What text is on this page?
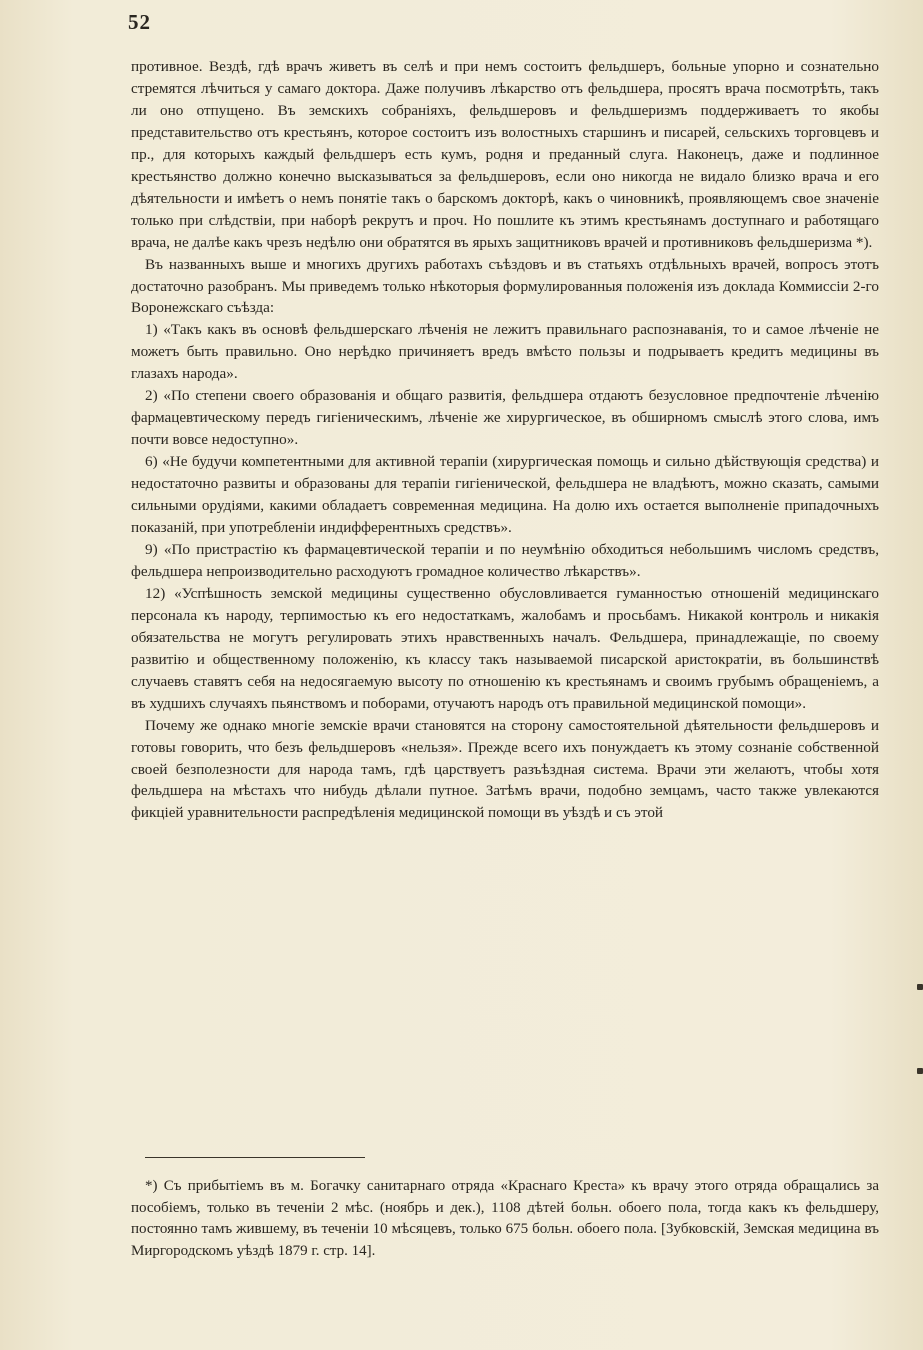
52

противное. Вездѣ, гдѣ врачъ живетъ въ селѣ и при немъ состоитъ фельдшеръ, больные упорно и сознательно стремятся лѣчиться у самаго доктора. Даже получивъ лѣкарство отъ фельдшера, просятъ врача посмотрѣть, такъ ли оно отпущено. Въ земскихъ собраніяхъ, фельдшеровъ и фельдшеризмъ поддерживаетъ то якобы представительство отъ крестьянъ, которое состоитъ изъ волостныхъ старшинъ и писарей, сельскихъ торговцевъ и пр., для которыхъ каждый фельдшеръ есть кумъ, родня и преданный слуга. Наконецъ, даже и подлинное крестьянство должно конечно высказываться за фельдшеровъ, если оно никогда не видало близко врача и его дѣятельности и имѣетъ о немъ понятіе такъ о барскомъ докторѣ, какъ о чиновникѣ, проявляющемъ свое значеніе только при слѣдствіи, при наборѣ рекрутъ и проч. Но пошлите къ этимъ крестьянамъ доступнаго и работящаго врача, не далѣе какъ чрезъ недѣлю они обратятся въ ярыхъ защитниковъ врачей и противниковъ фельдшеризма *).

Въ названныхъ выше и многихъ другихъ работахъ съѣздовъ и въ статьяхъ отдѣльныхъ врачей, вопросъ этотъ достаточно разобранъ. Мы приведемъ только нѣкоторыя формулированныя положенія изъ доклада Коммиссіи 2-го Воронежскаго съѣзда:

1) «Такъ какъ въ основѣ фельдшерскаго лѣченія не лежитъ правильнаго распознаванія, то и самое лѣченіе не можетъ быть правильно. Оно нерѣдко причиняетъ вредъ вмѣсто пользы и подрываетъ кредитъ медицины въ глазахъ народа».

2) «По степени своего образованія и общаго развитія, фельдшера отдаютъ безусловное предпочтеніе лѣченію фармацевтическому передъ гигіеническимъ, лѣченіе же хирургическое, въ обширномъ смыслѣ этого слова, имъ почти вовсе недоступно».

6) «Не будучи компетентными для активной терапіи (хирургическая помощь и сильно дѣйствующія средства) и недостаточно развиты и образованы для терапіи гигіенической, фельдшера не владѣютъ, можно сказать, самыми сильными орудіями, какими обладаетъ современная медицина. На долю ихъ остается выполненіе припадочныхъ показаній, при употребленіи индифферентныхъ средствъ».

9) «По пристрастію къ фармацевтической терапіи и по неумѣнію обходиться небольшимъ числомъ средствъ, фельдшера непроизводительно расходуютъ громадное количество лѣкарствъ».

12) «Успѣшность земской медицины существенно обусловливается гуманностью отношеній медицинскаго персонала къ народу, терпимостью къ его недостаткамъ, жалобамъ и просьбамъ. Никакой контроль и никакія обязательства не могутъ регулировать этихъ нравственныхъ началъ. Фельдшера, принадлежащіе, по своему развитію и общественному положенію, къ классу такъ называемой писарской аристократіи, въ большинствѣ случаевъ ставятъ себя на недосягаемую высоту по отношенію къ крестьянамъ и своимъ грубымъ обращеніемъ, а въ худшихъ случаяхъ пьянствомъ и поборами, отучаютъ народъ отъ правильной медицинской помощи».

Почему же однако многіе земскіе врачи становятся на сторону самостоятельной дѣятельности фельдшеровъ и готовы говорить, что безъ фельдшеровъ «нельзя». Прежде всего ихъ понуждаетъ къ этому сознаніе собственной своей безполезности для народа тамъ, гдѣ царствуетъ разъѣздная система. Врачи эти желаютъ, чтобы хотя фельдшера на мѣстахъ что нибудь дѣлали путное. Затѣмъ врачи, подобно земцамъ, часто также увлекаются фикціей уравнительности распредѣленія медицинской помощи въ уѣздѣ и съ этой

*) Съ прибытіемъ въ м. Богачку санитарнаго отряда «Краснаго Креста» къ врачу этого отряда обращались за пособіемъ, только въ теченіи 2 мѣс. (ноябрь и дек.), 1108 дѣтей больн. обоего пола, тогда какъ къ фельдшеру, постоянно тамъ жившему, въ теченіи 10 мѣсяцевъ, только 675 больн. обоего пола. [Зубковскій, Земская медицина въ Миргородскомъ уѣздѣ 1879 г. стр. 14].
